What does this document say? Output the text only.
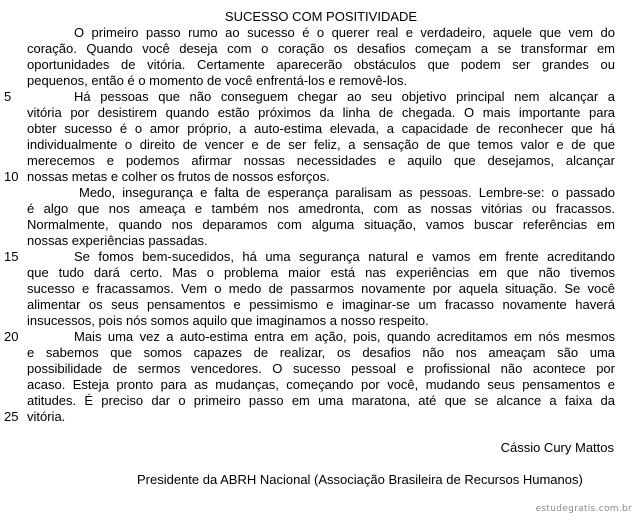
SUCESSO COM POSITIVIDADE
O primeiro passo rumo ao sucesso é o querer real e verdadeiro, aquele que vem do
coração. Quando você deseja com o coração os desafios começam a se transformar em
oportunidades de vitória. Certamente aparecerão obstáculos que podem ser grandes ou
pequenos, então é o momento de você enfrentá-los e removê-los.
Há pessoas que não conseguem chegar ao seu objetivo principal nem alcançar a
vitória por desistirem quando estão próximos da linha de chegada. O mais importante para
obter sucesso é o amor próprio, a auto-estima elevada, a capacidade de reconhecer que há
individualmente o direito de vencer e de ser feliz, a sensação de que temos valor e de que
merecemos e podemos afirmar nossas necessidades e aquilo que desejamos, alcançar
nossas metas e colher os frutos de nossos esforços.
Medo, insegurança e falta de esperança paralisam as pessoas. Lembre-se: o passado
é algo que nos ameaça e também nos amedronta, com as nossas vitórias ou fracassos.
Normalmente, quando nos deparamos com alguma situação, vamos buscar referências em
nossas experiências passadas.
Se fomos bem-sucedidos, há uma segurança natural e vamos em frente acreditando
que tudo dará certo. Mas o problema maior está nas experiências em que não tivemos
sucesso e fracassamos. Vem o medo de passarmos novamente por aquela situação. Se você
alimentar os seus pensamentos e pessimismo e imaginar-se um fracasso novamente haverá
insucessos, pois nós somos aquilo que imaginamos a nosso respeito.
Mais uma vez a auto-estima entra em ação, pois, quando acreditamos em nós mesmos
e sabemos que somos capazes de realizar, os desafios não nos ameaçam são uma
possibilidade de sermos vencedores. O sucesso pessoal e profissional não acontece por
acaso. Esteja pronto para as mudanças, começando por você, mudando seus pensamentos e
atitudes. É preciso dar o primeiro passo em uma maratona, até que se alcance a faixa da
vitória.
5
10
15
20
25
Cássio Cury Mattos
Presidente da ABRH Nacional (Associação Brasileira de Recursos Humanos)
estudegratis.com.br
